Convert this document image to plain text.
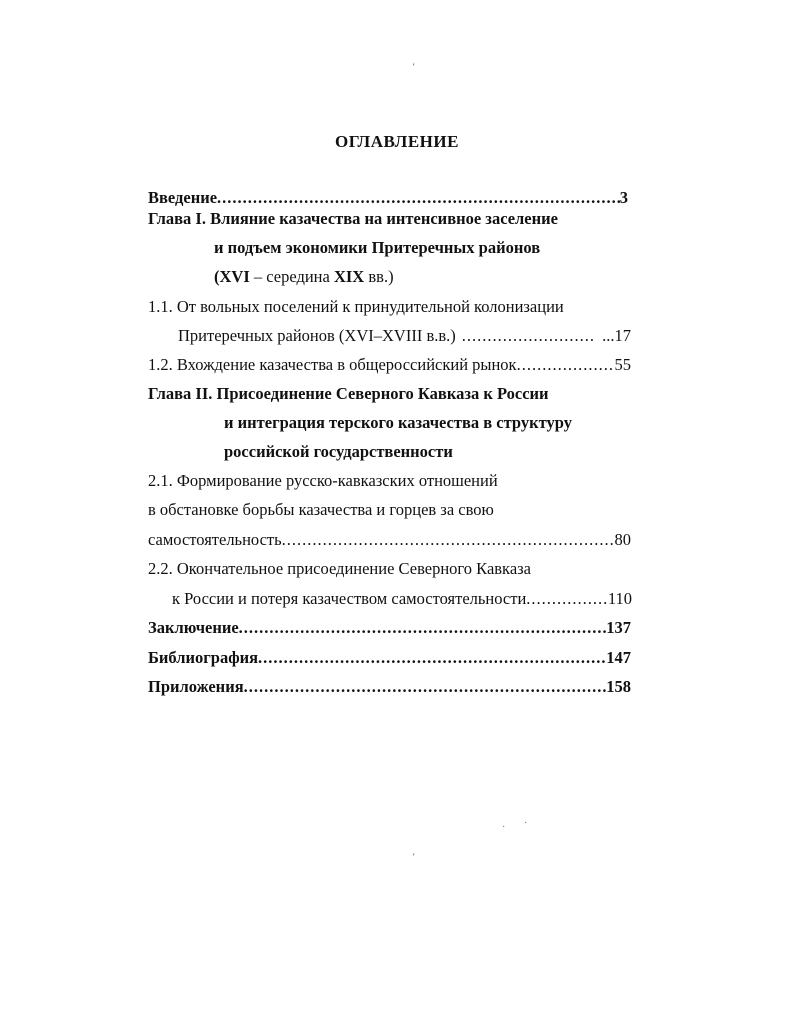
ОГЛАВЛЕНИЕ
Введение .....	3
Глава I. Влияние казачества на интенсивное заселение
и подъем экономики Притеречных районов
(XVI – середина XIX вв.)
1.1. От вольных поселений к принудительной колонизации
Притеречных районов (XVI–XVIII в.в.) .....	...17
1.2. Вхождение казачества в общероссийский рынок .....	55
Глава II. Присоединение Северного Кавказа к России
и интеграция терского казачества в структуру
российской государственности
2.1. Формирование русско-кавказских отношений
в обстановке борьбы казачества и горцев за свою
самостоятельность .....	80
2.2. Окончательное присоединение Северного Кавказа
к России и потеря казачеством самостоятельности .....	110
Заключение .....	137
Библиография .....	147
Приложения .....	158
‘
‘
·
·
